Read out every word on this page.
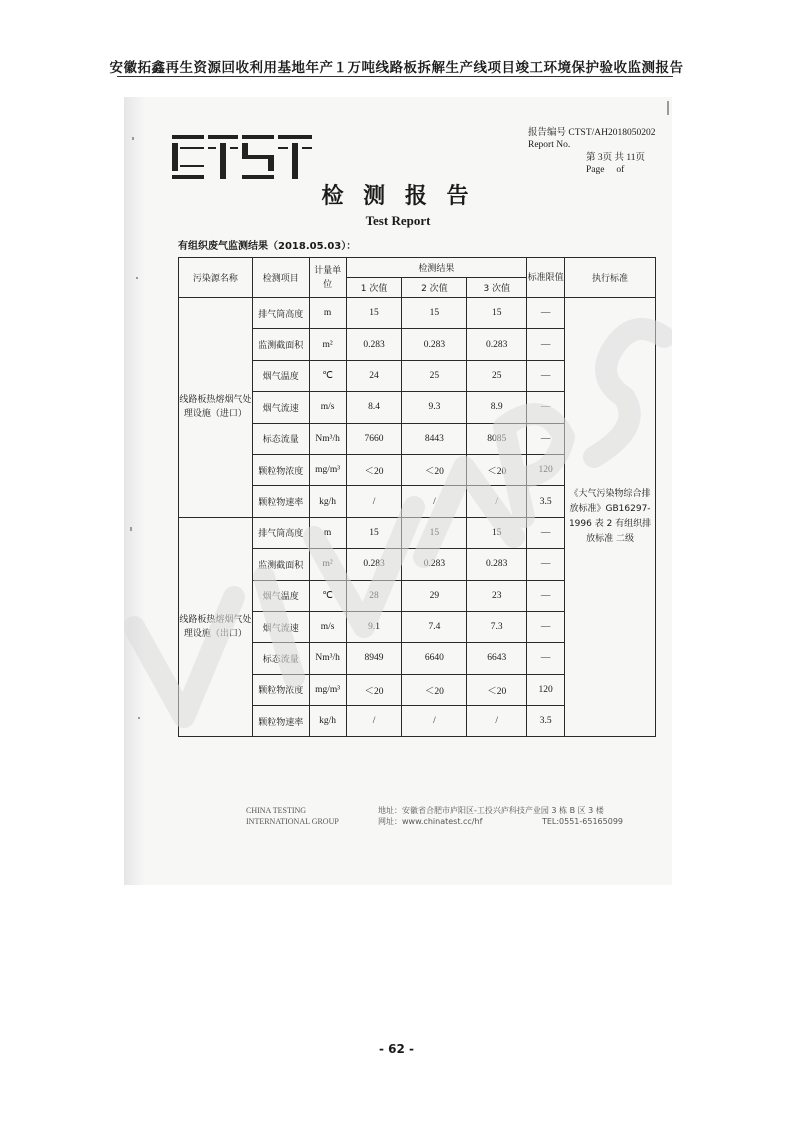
安徽拓鑫再生资源回收利用基地年产１万吨线路板拆解生产线项目竣工环境保护验收监测报告
报告编号 CTST/AH2018050202
Report No.
第 3页 共 11页
Page     of
检 测 报 告
Test Report
有组织废气监测结果（2018.05.03）：
污染源名称	检测项目	计量单位	检测结果			标准限值	执行标准
			1 次值	2 次值	3 次值		
线路板热熔烟气处理设施（进口）	排气筒高度	m	15	15	15	—	《大气污染物综合排放标准》GB16297-1996 表 2 有组织排放标准 二级
	监测截面积	m²	0.283	0.283	0.283	—	
	烟气温度	℃	24	25	25	—	
	烟气流速	m/s	8.4	9.3	8.9	—	
	标态流量	Nm³/h	7660	8443	8085	—	
	颗粒物浓度	mg/m³	＜20	＜20	＜20	120	
	颗粒物速率	kg/h	/	/	/	3.5	
线路板热熔烟气处理设施（出口）	排气筒高度	m	15	15	15	—	
	监测截面积	m²	0.283	0.283	0.283	—	
	烟气温度	℃	28	29	23	—	
	烟气流速	m/s	9.1	7.4	7.3	—	
	标态流量	Nm³/h	8949	6640	6643	—	
	颗粒物浓度	mg/m³	＜20	＜20	＜20	120	
	颗粒物速率	kg/h	/	/	/	3.5	
CHINA TESTING
INTERNATIONAL GROUP
地址：安徽省合肥市庐阳区-工投兴庐科技产业园 3 栋 B 区 3 楼
网址：www.chinatest.cc/hf	TEL:0551-65165099
- 62 -
